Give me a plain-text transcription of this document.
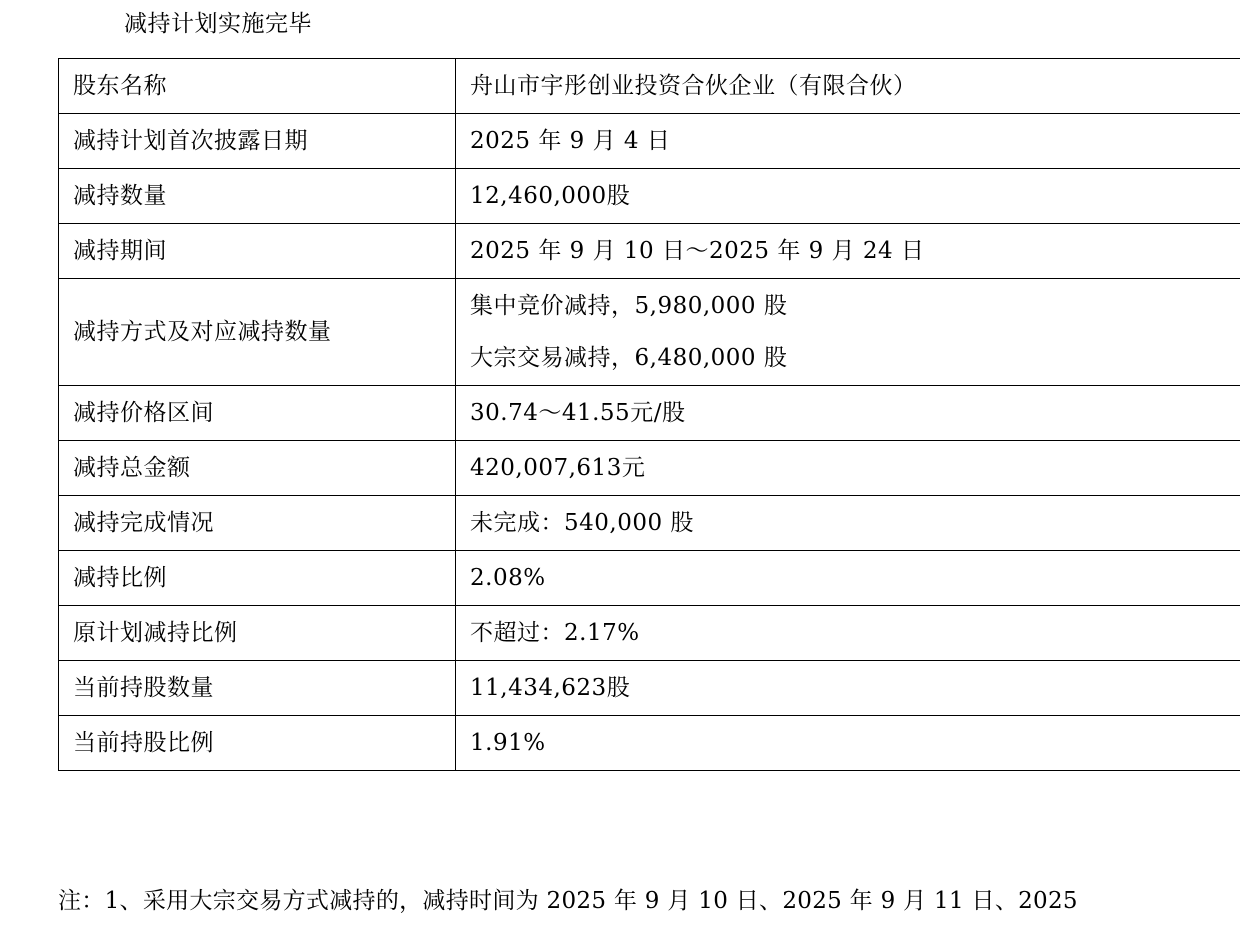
减持计划实施完毕
股东名称	舟山市宇彤创业投资合伙企业（有限合伙）

减持计划首次披露日期	2025 年 9 月 4 日

减持数量	12,460,000股

减持期间	2025 年 9 月 10 日～2025 年 9 月 24 日

减持方式及对应减持数量	集中竞价减持，5,980,000 股
大宗交易减持，6,480,000 股

减持价格区间	30.74～41.55元/股

减持总金额	420,007,613元

减持完成情况	未完成：540,000 股

减持比例	2.08%

原计划减持比例	不超过：2.17%

当前持股数量	11,434,623股

当前持股比例	1.91%
注：1、采用大宗交易方式减持的，减持时间为 2025 年 9 月 10 日、2025 年 9 月 11 日、2025
